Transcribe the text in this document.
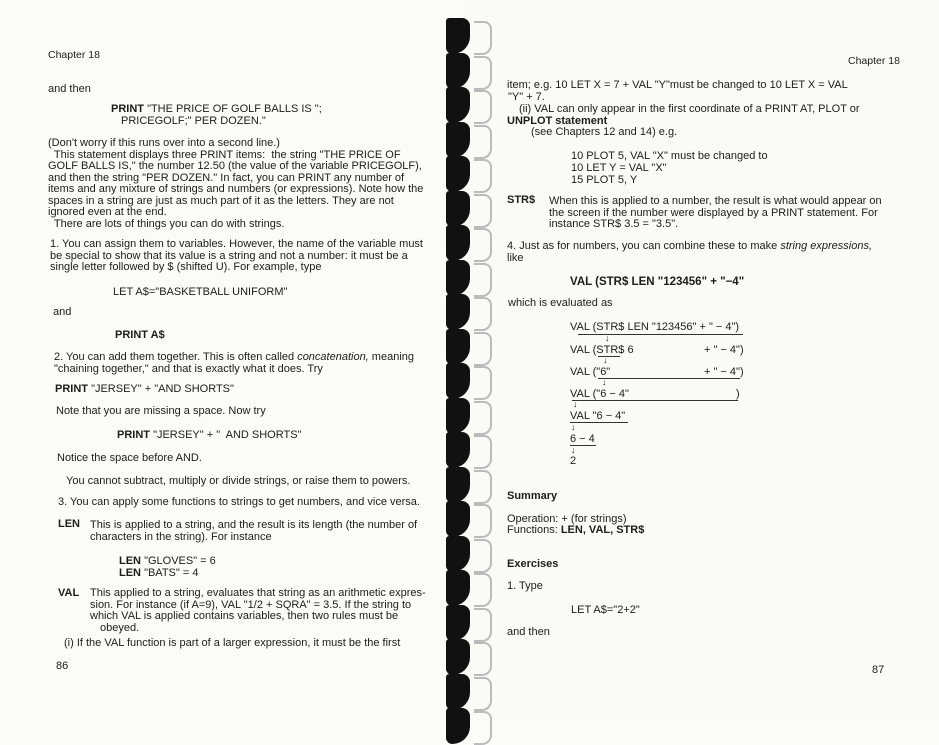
Chapter 18
and then
PRINT "THE PRICE OF GOLF BALLS IS ";
PRICEGOLF;" PER DOZEN."
(Don't worry if this runs over into a second line.)
This statement displays three PRINT items:  the string "THE PRICE OF
GOLF BALLS IS," the number 12.50 (the value of the variable PRICEGOLF),
and then the string "PER DOZEN." In fact, you can PRINT any number of
items and any mixture of strings and numbers (or expressions). Note how the
spaces in a string are just as much part of it as the letters. They are not
ignored even at the end.
There are lots of things you can do with strings.
1. You can assign them to variables. However, the name of the variable must
be special to show that its value is a string and not a number: it must be a
single letter followed by $ (shifted U). For example, type
LET A$="BASKETBALL UNIFORM"
and
PRINT A$
2. You can add them together. This is often called concatenation, meaning
"chaining together," and that is exactly what it does. Try
PRINT "JERSEY" + "AND SHORTS"
Note that you are missing a space. Now try
PRINT "JERSEY" + "  AND SHORTS"
Notice the space before AND.
You cannot subtract, multiply or divide strings, or raise them to powers.
3. You can apply some functions to strings to get numbers, and vice versa.
LEN This is applied to a string, and the result is its length (the number of
characters in the string). For instance
LEN "GLOVES" = 6
LEN "BATS" = 4
VAL This applied to a string, evaluates that string as an arithmetic expres-
sion. For instance (if A=9), VAL "1/2 + SQRA" = 3.5. If the string to
which VAL is applied contains variables, then two rules must be
obeyed.
(i) If the VAL function is part of a larger expression, it must be the first
86
Chapter 18
item; e.g. 10 LET X = 7 + VAL "Y"must be changed to 10 LET X = VAL
"Y" + 7.
(ii) VAL can only appear in the first coordinate of a PRINT AT, PLOT or
UNPLOT statement
(see Chapters 12 and 14) e.g.
10 PLOT 5, VAL "X" must be changed to
10 LET Y = VAL "X"
15 PLOT 5, Y
STR$ When this is applied to a number, the result is what would appear on
the screen if the number were displayed by a PRINT statement. For
instance STR$ 3.5 = "3.5".
4. Just as for numbers, you can combine these to make string expressions,
like
VAL (STR$ LEN "123456" + "−4"
which is evaluated as
VAL (STR$ LEN "123456" + " − 4")
↓
VAL (STR$ 6	+ " − 4")
↓
VAL ("6"	+ " − 4")
↓
VAL ("6 − 4"	)
↓
VAL "6 − 4"
↓
6 − 4
↓
2
Summary
Operation: + (for strings)
Functions: LEN, VAL, STR$
Exercises
1. Type
LET A$="2+2"
and then
87
